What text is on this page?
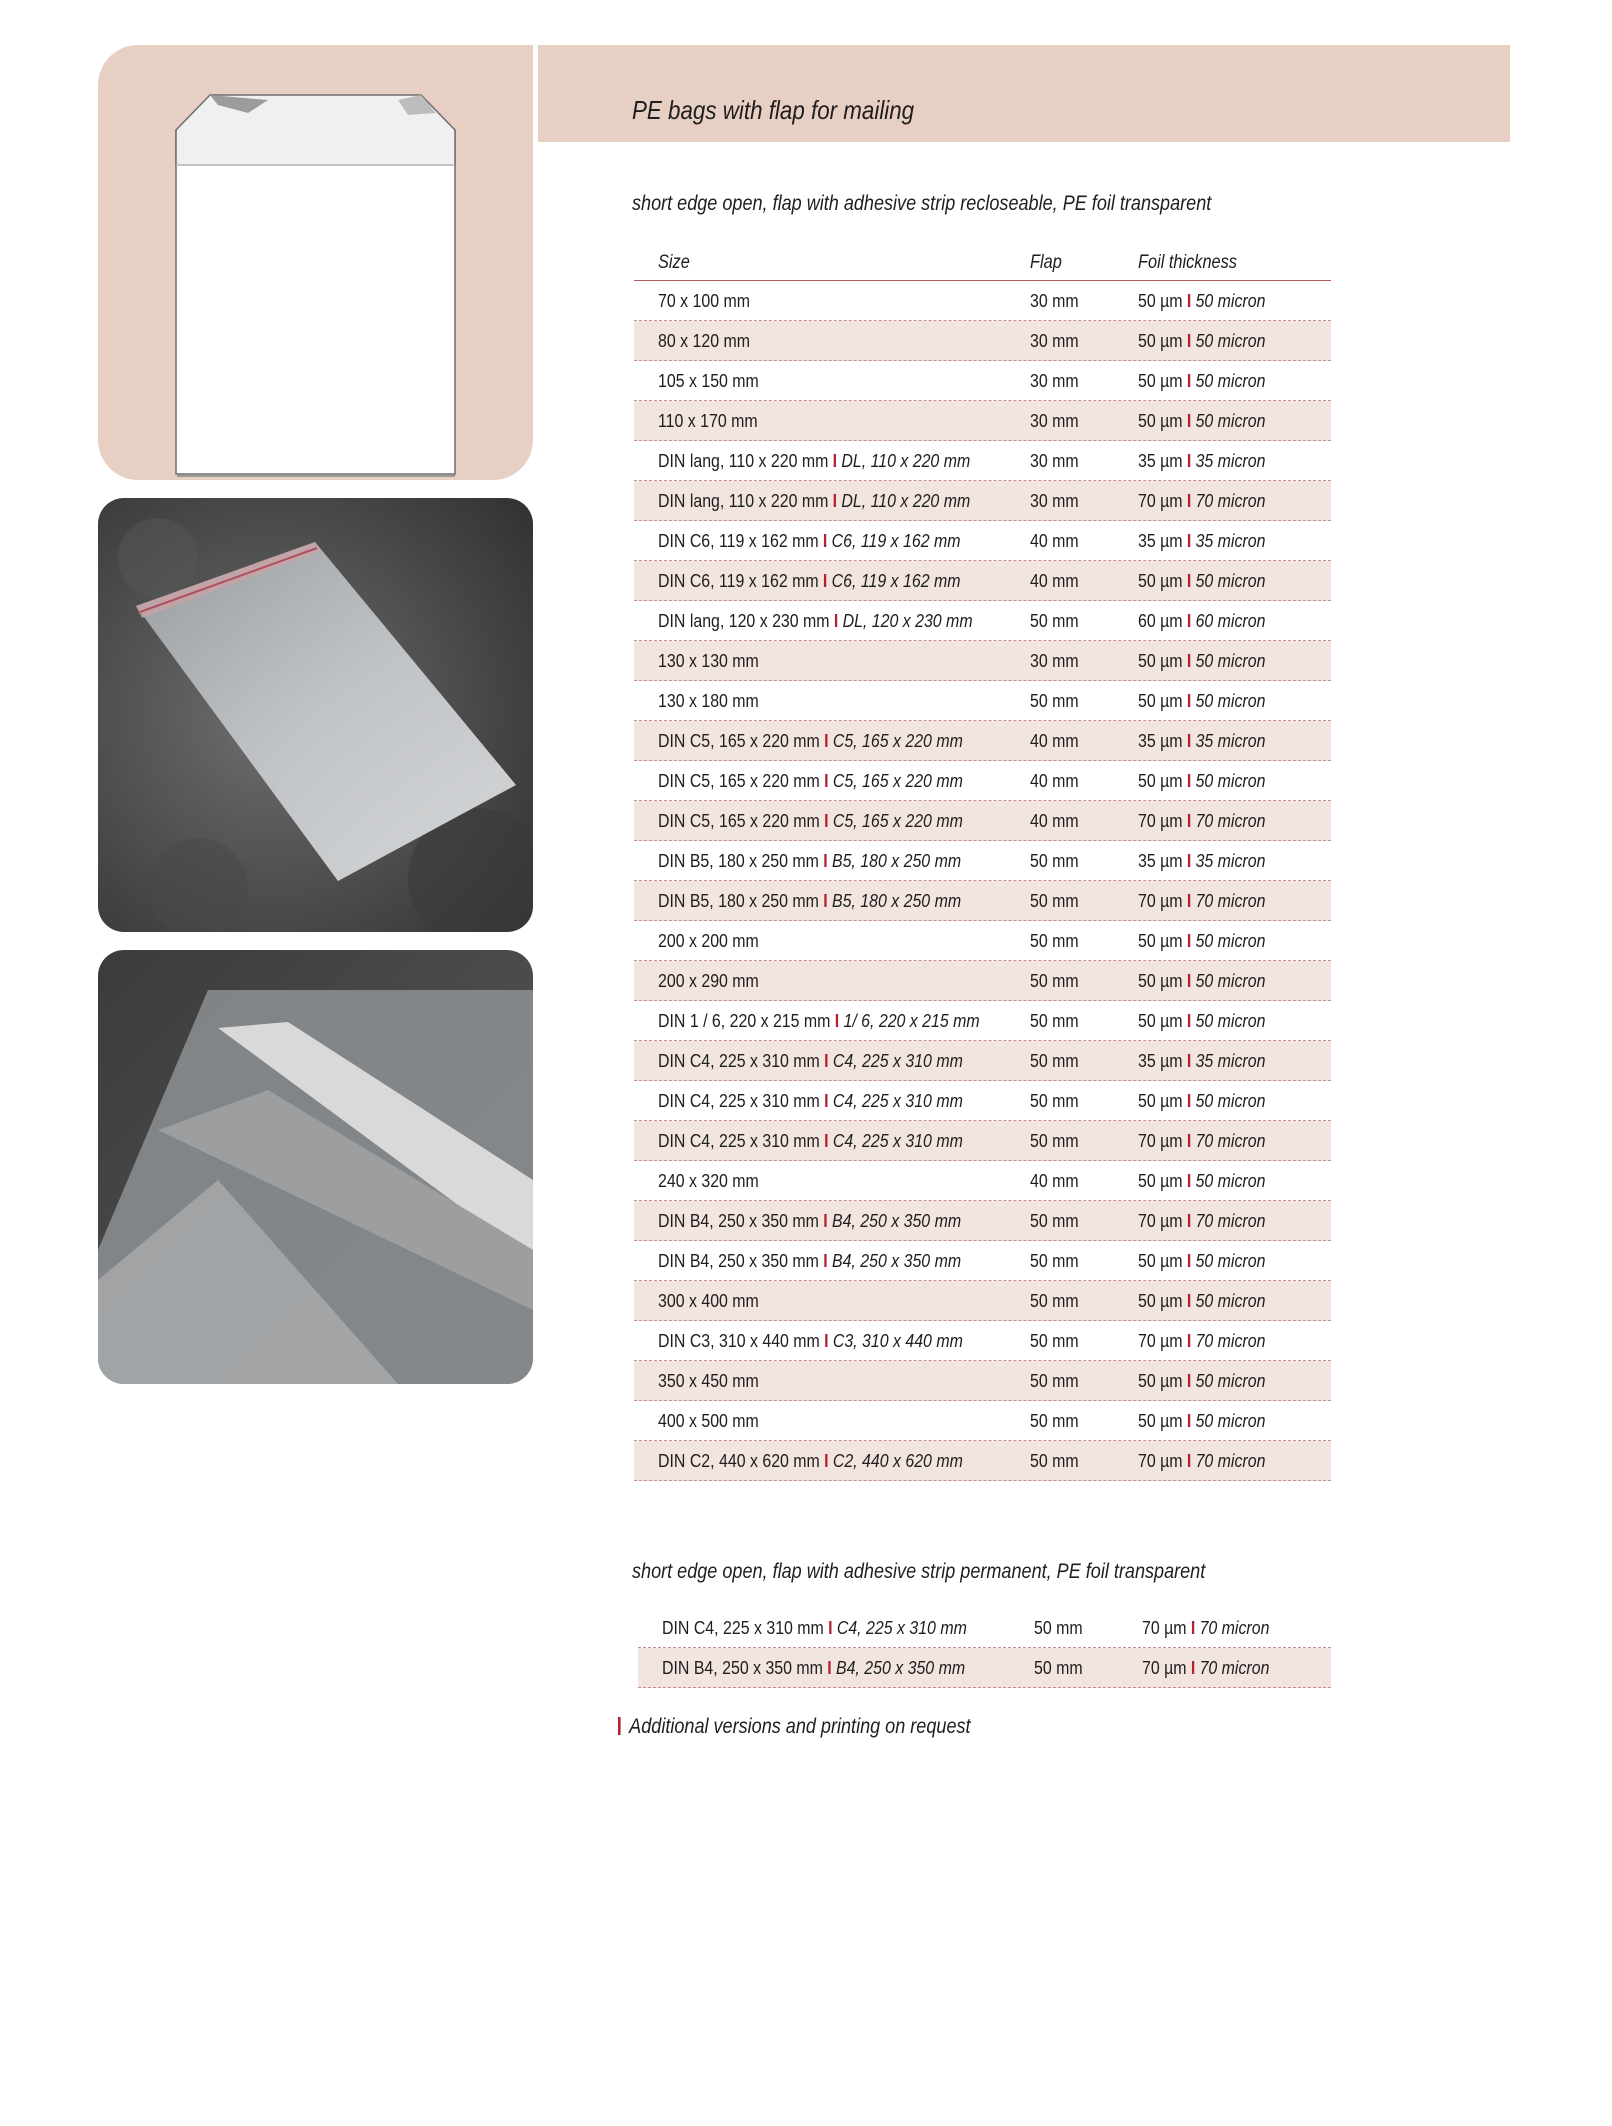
PE bags with flap for mailing
short edge open, flap with adhesive strip recloseable, PE foil transparent
Size	Flap	Foil thickness
70 x 100 mm	30 mm	50 µm I 50 micron
80 x 120 mm	30 mm	50 µm I 50 micron
105 x 150 mm	30 mm	50 µm I 50 micron
110 x 170 mm	30 mm	50 µm I 50 micron
DIN lang, 110 x 220 mm I DL, 110 x 220 mm	30 mm	35 µm I 35 micron
DIN lang, 110 x 220 mm I DL, 110 x 220 mm	30 mm	70 µm I 70 micron
DIN C6, 119 x 162 mm I C6, 119 x 162 mm	40 mm	35 µm I 35 micron
DIN C6, 119 x 162 mm I C6, 119 x 162 mm	40 mm	50 µm I 50 micron
DIN lang, 120 x 230 mm I DL, 120 x 230 mm	50 mm	60 µm I 60 micron
130 x 130 mm	30 mm	50 µm I 50 micron
130 x 180 mm	50 mm	50 µm I 50 micron
DIN C5, 165 x 220 mm I C5, 165 x 220 mm	40 mm	35 µm I 35 micron
DIN C5, 165 x 220 mm I C5, 165 x 220 mm	40 mm	50 µm I 50 micron
DIN C5, 165 x 220 mm I C5, 165 x 220 mm	40 mm	70 µm I 70 micron
DIN B5, 180 x 250 mm I B5, 180 x 250 mm	50 mm	35 µm I 35 micron
DIN B5, 180 x 250 mm I B5, 180 x 250 mm	50 mm	70 µm I 70 micron
200 x 200 mm	50 mm	50 µm I 50 micron
200 x 290 mm	50 mm	50 µm I 50 micron
DIN 1 / 6, 220 x 215 mm I 1/ 6, 220 x 215 mm	50 mm	50 µm I 50 micron
DIN C4, 225 x 310 mm I C4, 225 x 310 mm	50 mm	35 µm I 35 micron
DIN C4, 225 x 310 mm I C4, 225 x 310 mm	50 mm	50 µm I 50 micron
DIN C4, 225 x 310 mm I C4, 225 x 310 mm	50 mm	70 µm I 70 micron
240 x 320 mm	40 mm	50 µm I 50 micron
DIN B4, 250 x 350 mm I B4, 250 x 350 mm	50 mm	70 µm I 70 micron
DIN B4, 250 x 350 mm I B4, 250 x 350 mm	50 mm	50 µm I 50 micron
300 x 400 mm	50 mm	50 µm I 50 micron
DIN C3, 310 x 440 mm I C3, 310 x 440 mm	50 mm	70 µm I 70 micron
350 x 450 mm	50 mm	50 µm I 50 micron
400 x 500 mm	50 mm	50 µm I 50 micron
DIN C2, 440 x 620 mm I C2, 440 x 620 mm	50 mm	70 µm I 70 micron
short edge open, flap with adhesive strip permanent, PE foil transparent
DIN C4, 225 x 310 mm I C4, 225 x 310 mm	50 mm	70 µm I 70 micron
DIN B4, 250 x 350 mm I B4, 250 x 350 mm	50 mm	70 µm I 70 micron
Additional versions and printing on request
